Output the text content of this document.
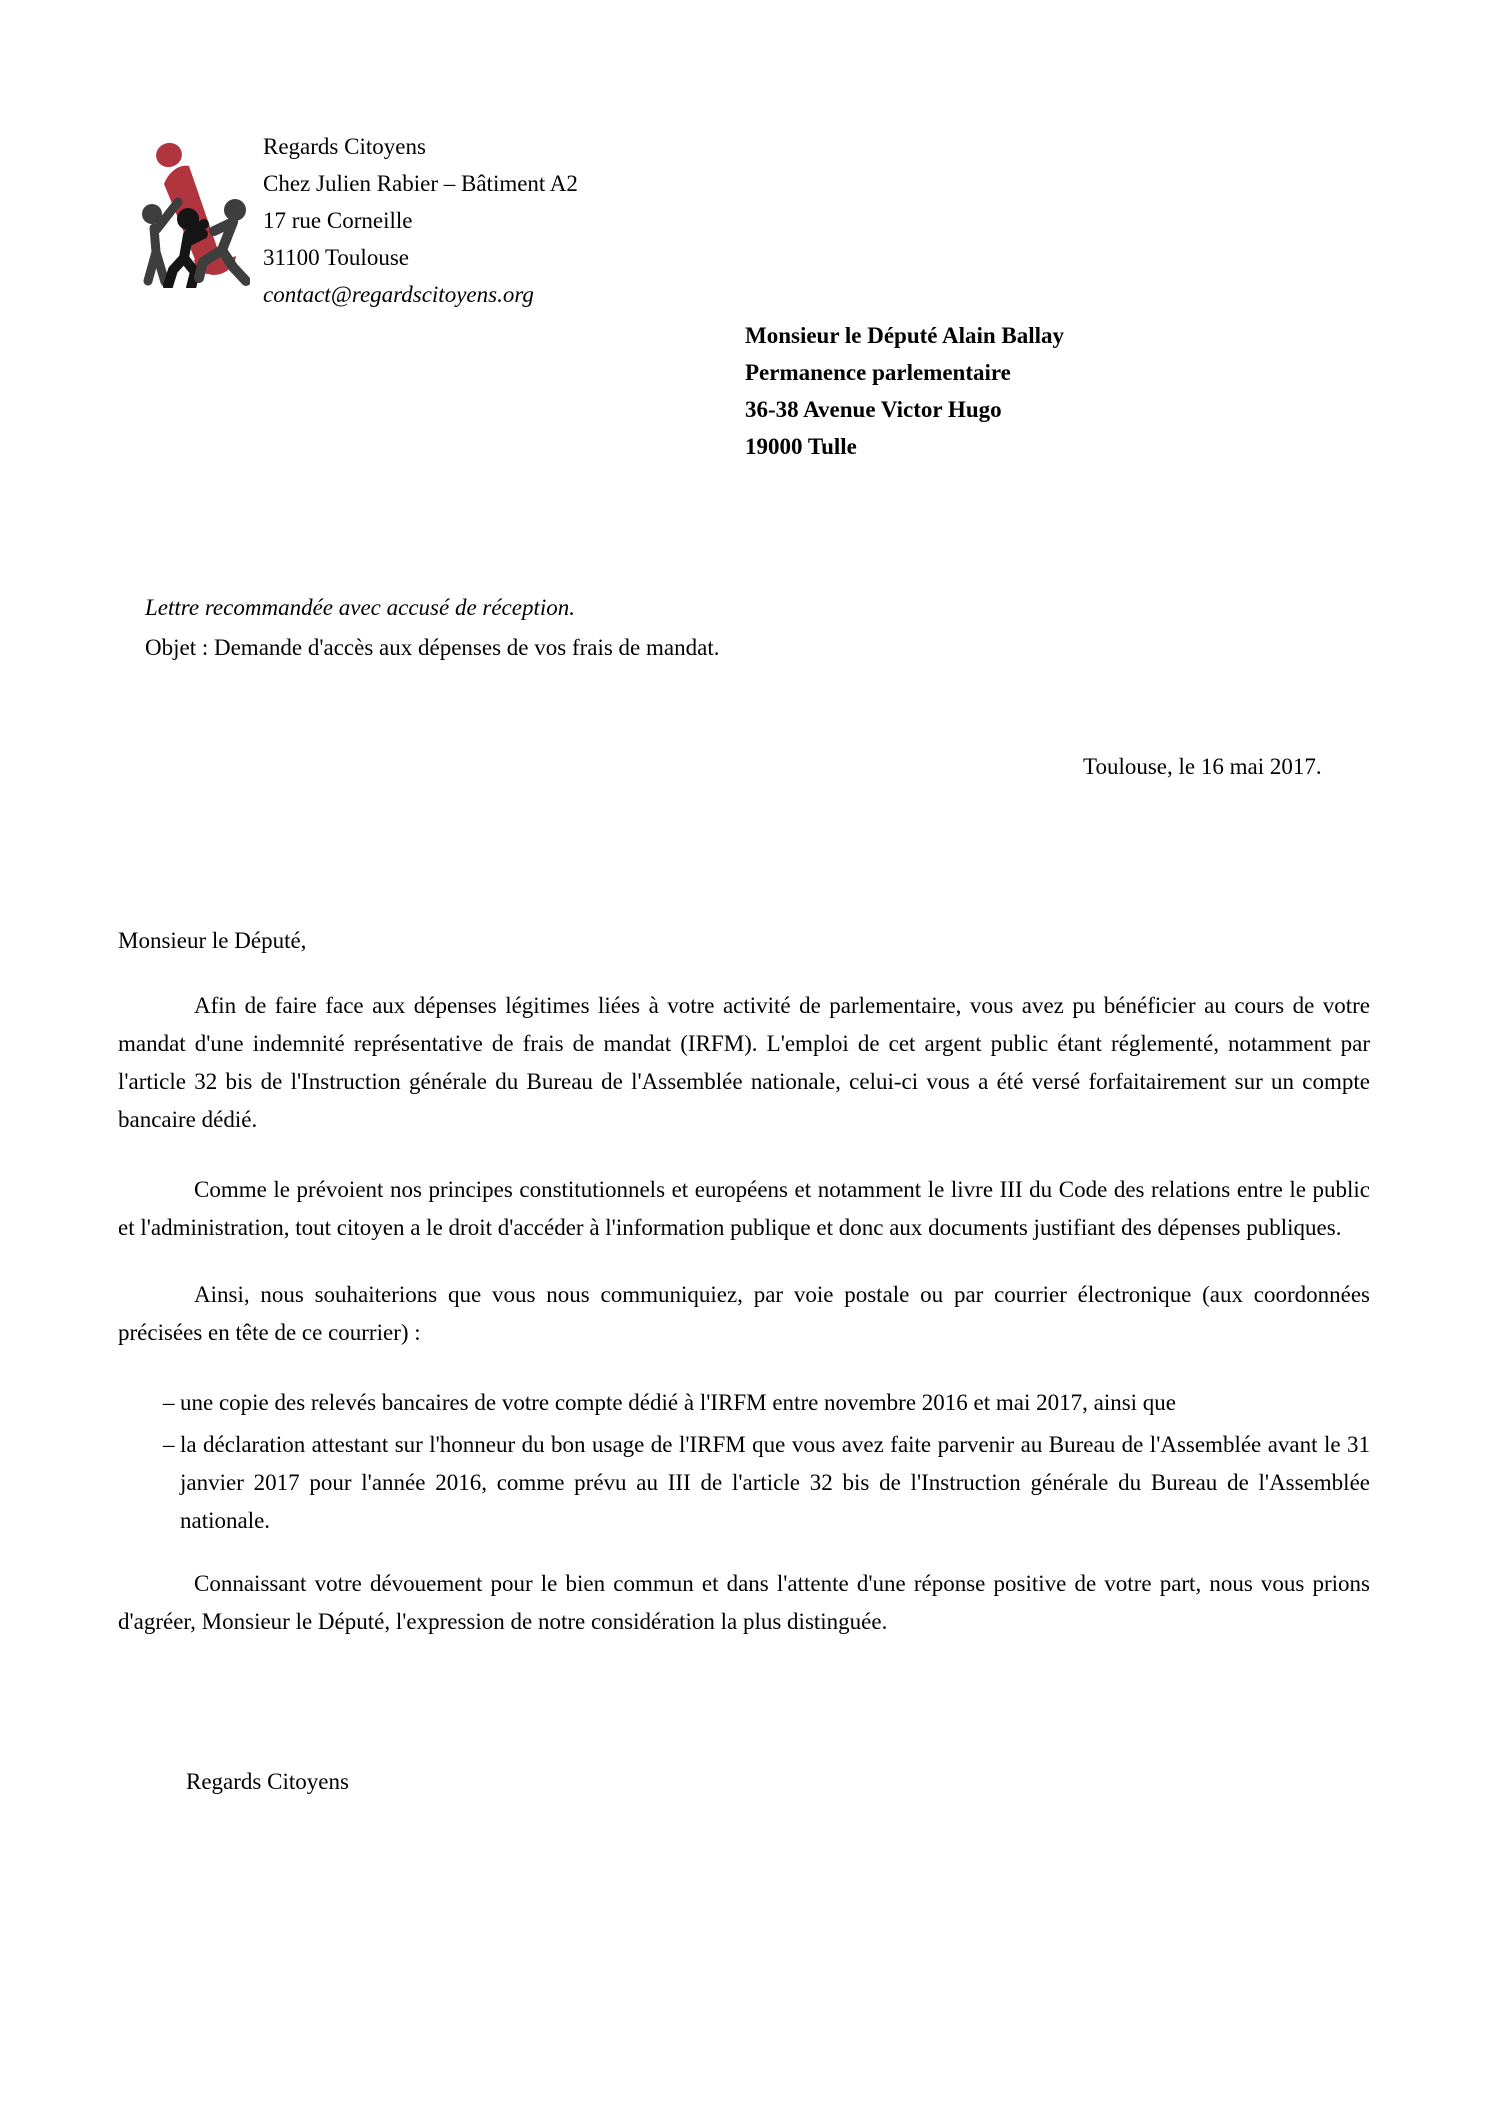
Regards Citoyens
Chez Julien Rabier – Bâtiment A2
17 rue Corneille
31100 Toulouse
contact@regardscitoyens.org
Monsieur le Député Alain Ballay
Permanence parlementaire
36-38 Avenue Victor Hugo
19000 Tulle
Lettre recommandée avec accusé de réception.
Objet : Demande d'accès aux dépenses de vos frais de mandat.
Toulouse, le 16 mai 2017.

Monsieur le Député,

Afin de faire face aux dépenses légitimes liées à votre activité de parlementaire, vous avez pu bénéficier au cours de votre mandat d'une indemnité représentative de frais de mandat (IRFM). L'emploi de cet argent public étant réglementé, notamment par l'article 32 bis de l'Instruction générale du Bureau de l'Assemblée nationale, celui-ci vous a été versé forfaitairement sur un compte bancaire dédié.

Comme le prévoient nos principes constitutionnels et européens et notamment le livre III du Code des relations entre le public et l'administration, tout citoyen a le droit d'accéder à l'information publique et donc aux documents justifiant des dépenses publiques.

Ainsi, nous souhaiterions que vous nous communiquiez, par voie postale ou par courrier électronique (aux coordonnées précisées en tête de ce courrier) :

– une copie des relevés bancaires de votre compte dédié à l'IRFM entre novembre 2016 et mai 2017, ainsi que
– la déclaration attestant sur l'honneur du bon usage de l'IRFM que vous avez faite parvenir au Bureau de l'Assemblée avant le 31 janvier 2017 pour l'année 2016, comme prévu au III de l'article 32 bis de l'Instruction générale du Bureau de l'Assemblée nationale.

Connaissant votre dévouement pour le bien commun et dans l'attente d'une réponse positive de votre part, nous vous prions d'agréer, Monsieur le Député, l'expression de notre considération la plus distinguée.

Regards Citoyens
